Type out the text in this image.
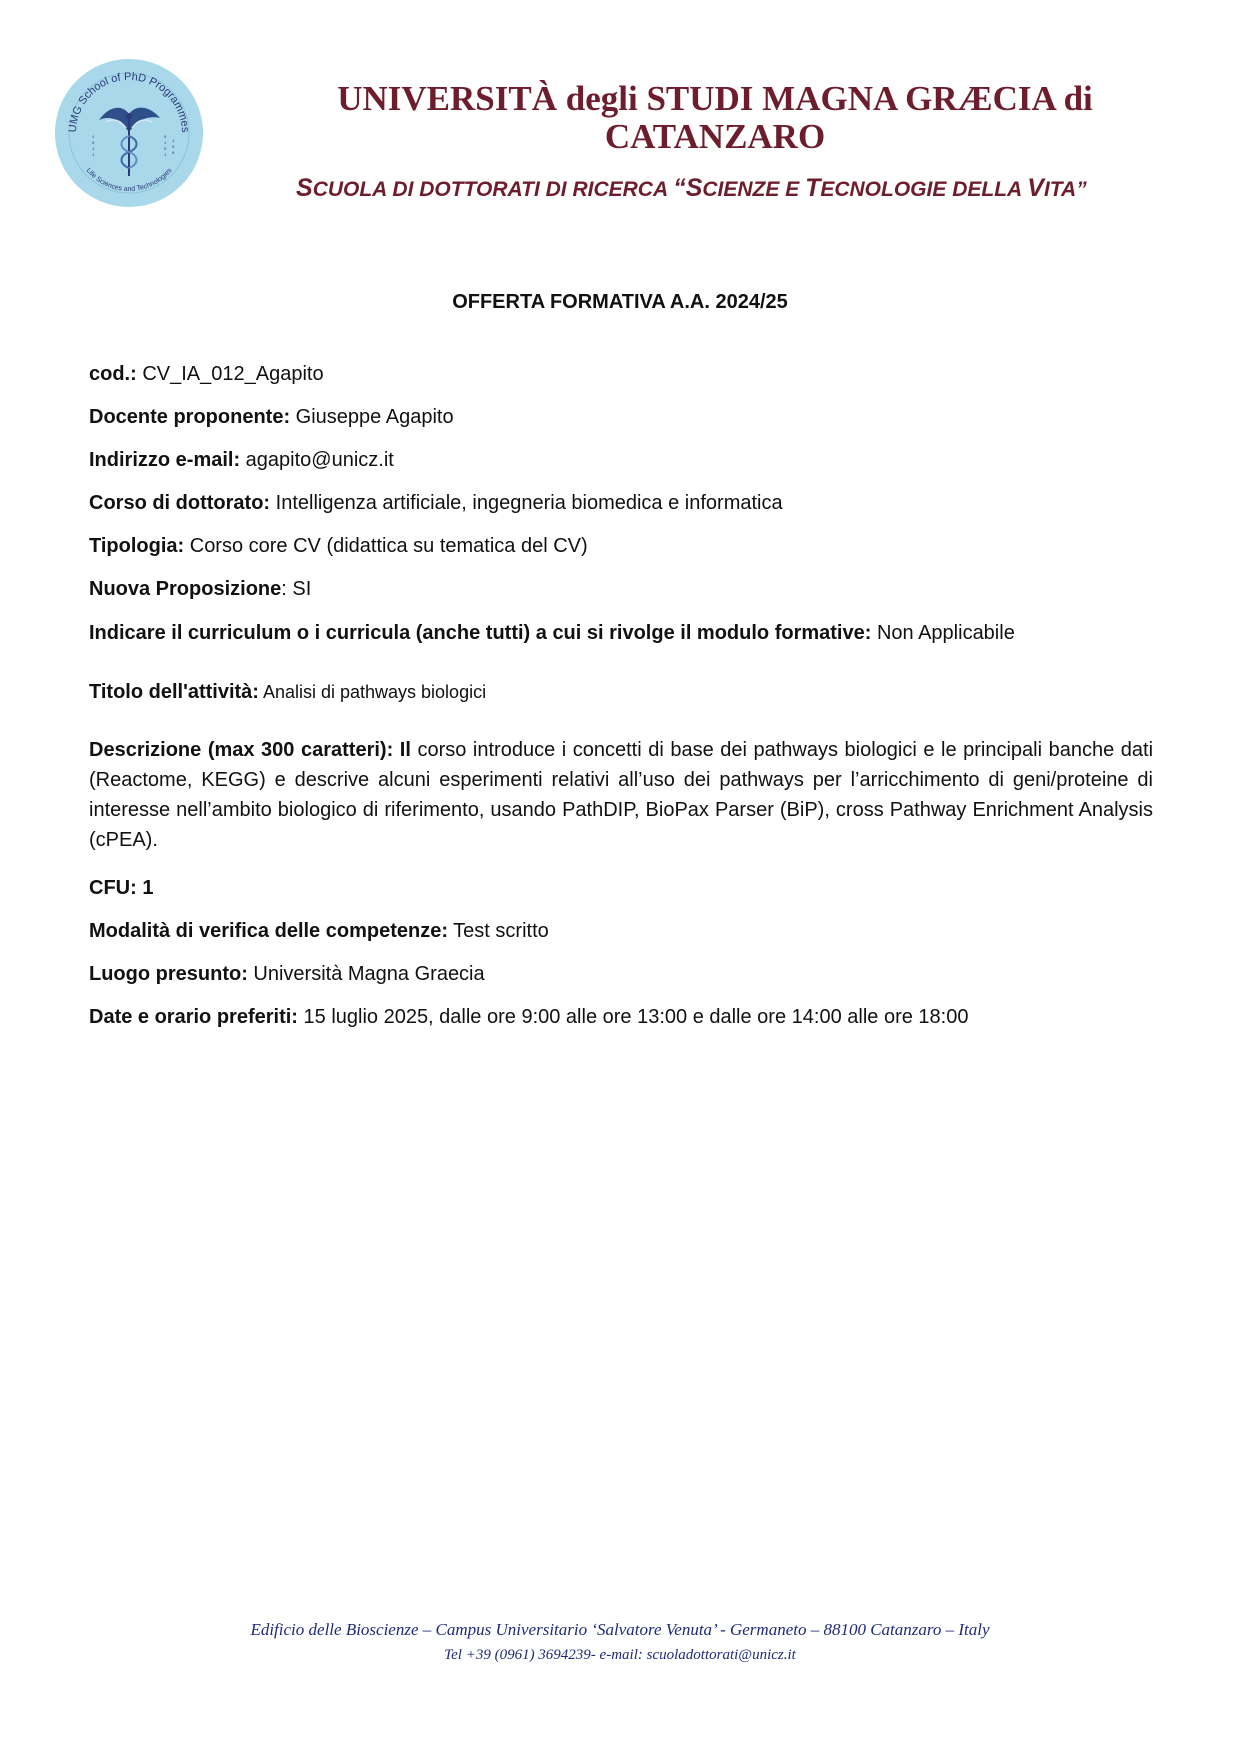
UMG School of PhD Programmes
Life Sciences and Technologies
1
0
1
1
0
1
0
1
1
0
0
UNIVERSITÀ degli STUDI MAGNA GRÆCIA di
CATANZARO

SCUOLA DI DOTTORATI DI RICERCA “SCIENZE E TECNOLOGIE DELLA VITA”

OFFERTA FORMATIVA A.A. 2024/25

cod.: CV_IA_012_Agapito

Docente proponente: Giuseppe Agapito

Indirizzo e-mail: agapito@unicz.it

Corso di dottorato: Intelligenza artificiale, ingegneria biomedica e informatica

Tipologia: Corso core CV (didattica su tematica del CV)

Nuova Proposizione: SI

Indicare il curriculum o i curricula (anche tutti) a cui si rivolge il modulo formative: Non Applicabile

Titolo dell'attività: Analisi di pathways biologici

Descrizione (max 300 caratteri): Il corso introduce i concetti di base dei pathways biologici e le principali banche dati (Reactome, KEGG) e descrive alcuni esperimenti relativi all’uso dei pathways per l’arricchimento di geni/proteine di interesse nell’ambito biologico di riferimento, usando PathDIP, BioPax Parser (BiP), cross Pathway Enrichment Analysis (cPEA).

CFU: 1

Modalità di verifica delle competenze: Test scritto

Luogo presunto: Università Magna Graecia

Date e orario preferiti: 15 luglio 2025, dalle ore 9:00 alle ore 13:00 e dalle ore 14:00 alle ore 18:00

Edificio delle Bioscienze – Campus Universitario ‘Salvatore Venuta’ - Germaneto – 88100 Catanzaro – Italy

Tel +39 (0961) 3694239- e-mail: scuoladottorati@unicz.it
